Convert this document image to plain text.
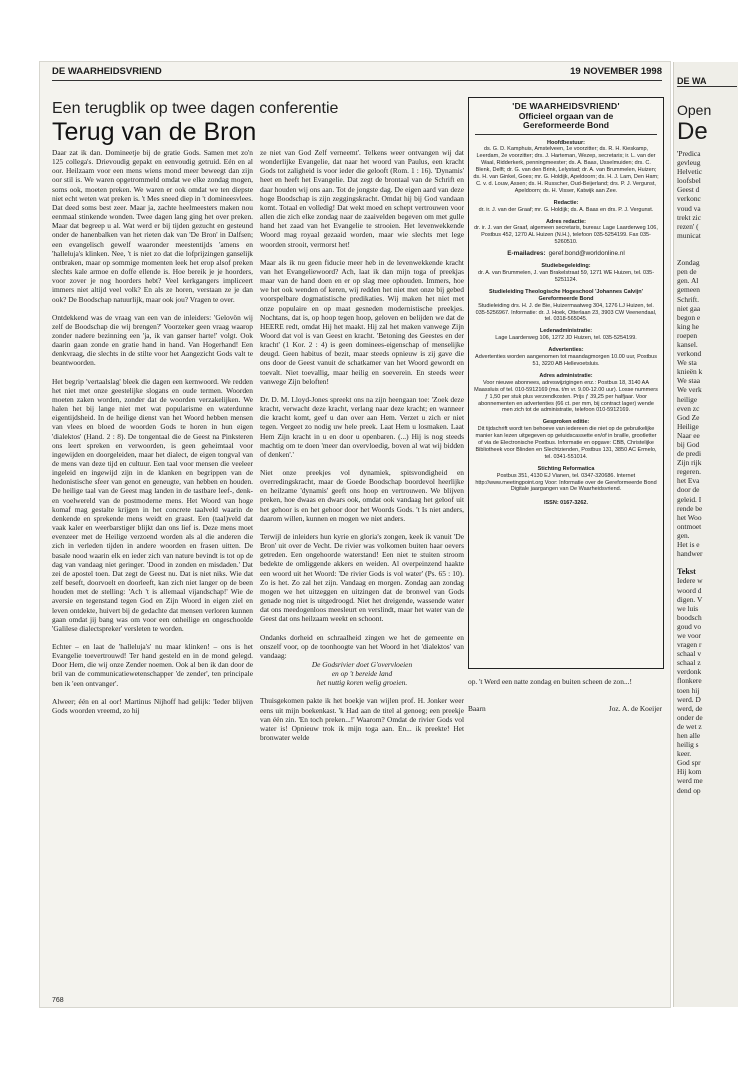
DE WAARHEIDSVRIEND	19 NOVEMBER 1998
Een terugblik op twee dagen conferentie
Terug van de Bron

Daar zat ik dan. Domineetje bij de gratie Gods. Samen met zo'n 125 collega's. Drievoudig gepakt en eenvoudig getruid. Eén en al oor. Heilzaam voor een mens wiens mond meer beweegt dan zijn oor stil is. We waren opgetrommeld omdat we elke zondag mogen, soms ook, moeten preken. We waren er ook omdat we ten diepste niet echt weten wat preken is. 't Mes sneed diep in 't domineesvlees. Dat deed soms best zeer. Maar ja, zachte heelmeesters maken nou eenmaal stinkende wonden. Twee dagen lang ging het over preken. Maar dat begreep u al. Wat werd er bij tijden gezucht en gesteund onder de hanenbalken van het rieten dak van 'De Bron' in Dalfsen; een evangelisch gewelf waaronder meestentijds 'amens en 'halleluja's klinken. Nee, 't is niet zo dat die lofprijzingen ganselijk ontbraken, maar op sommige momenten leek het erop alsof preken slechts kale armoe en doffe ellende is. Hoe bereik je je hoorders, voor zover je nog hoorders hebt? Veel kerkgangers impliceert immers niet altijd veel volk? En als ze horen, verstaan ze je dan ook? De Boodschap natuurlijk, maar ook jou? Vragen te over.

Ontdekkend was de vraag van een van de inleiders: 'Gelovön wij zelf de Boodschap die wij brengen?' Voorzeker geen vraag waarop zonder nadere bezinning een 'ja, ik van ganser harte!' volgt. Ook daarin gaan zonde en gratie hand in hand. Van Hogerhand! Een denkvraag, die slechts in de stilte voor het Aangezicht Gods valt te beantwoorden.

Het begrip 'vertaalslag' bleek die dagen een kernwoord. We redden het niet met onze geestelijke slogans en oude termen. Woorden moeten zaken worden, zonder dat de woorden verzakelijken. We halen het bij lange niet met wat popularisme en waterdunne eigentijdsheid. In de heilige dienst van het Woord hebben mensen van vlees en bloed de woorden Gods te horen in hun eigen 'dialektos' (Hand. 2 : 8). De tongentaal die de Geest na Pinksteren ons leert spreken en verwoorden, is geen geheimtaal voor ingewijden en doorgeleiden, maar het dialect, de eigen tongval van de mens van deze tijd en cultuur. Een taal voor mensen die veeleer ingeleid en ingewijd zijn in de klanken en begrippen van de hedonistische sfeer van genot en geneugte, van hebben en houden. De heilige taal van de Geest mag landen in de tastbare leef-, denk- en voelwereld van de postmoderne mens. Het Woord van hoge komaf mag gestalte krijgen in het concrete taalveld waarin de denkende en sprekende mens weidt en graast. Een (taal)veld dat vaak kaler en weerbarstiger blijkt dan ons lief is. Deze mens moet evenzeer met de Heilige verzoend worden als al die anderen die zich in verleden tijden in andere woorden en frasen uitten. De basale nood waarin elk en ieder zich van nature bevindt is tot op de dag van vandaag niet geringer. 'Dood in zonden en misdaden.' Dat zei de apostel toen. Dat zegt de Geest nu. Dat is niet niks. Wie dat zelf beseft, doorvoelt en doorleeft, kan zich niet langer op de been houden met de stelling: 'Ach 't is allemaal vijandschap!' Wie de aversie en tegenstand tegen God en Zijn Woord in eigen ziel en leven ontdekte, huivert bij de gedachte dat mensen verloren kunnen gaan omdat jij bang was om voor een onheilige en ongeschoolde 'Galilese dialectspreker' versleten te worden.

Echter – en laat de 'halleluja's' nu maar klinken! – ons is het Evangelie toevertrouwd! Ter hand gesteld en in de mond gelegd. Door Hem, die wij onze Zender noemen. Ook al ben ik dan door de bril van de communicatiewetenschapper 'de zender', ten principale ben ik 'een ontvanger'.

Alweer; één en al oor! Martinus Nijhoff had gelijk: 'Ieder blijven Gods woorden vreemd, zo hij

ze niet van God Zelf verneemt'. Telkens weer ontvangen wij dat wonderlijke Evangelie, dat naar het woord van Paulus, een kracht Gods tot zaligheid is voor ieder die gelooft (Rom. 1 : 16). 'Dynamis' heet en heeft het Evangelie. Dat zegt de brontaal van de Schrift en daar houden wij ons aan. Tot de jongste dag. De eigen aard van deze hoge Boodschap is zijn zeggingskracht. Omdat hij bij God vandaan komt. Totaal en volledig! Dat wekt moed en schept vertrouwen voor allen die zich elke zondag naar de zaaivelden begeven om met gulle hand het zaad van het Evangelie te strooien. Het levenwekkende Woord mag royaal gezaaid worden, maar wie slechts met lege woorden strooit, vermorst het!

Maar als ik nu geen fiducie meer heb in de levenwekkende kracht van het Evangeliewoord? Ach, laat ik dan mijn toga of preekjas maar van de hand doen en er op slag mee ophouden. Immers, hoe we het ook wenden of keren, wij redden het niet met onze bij gebed voorspelbare dogmatistische predikaties. Wij maken het niet met onze populaire en op maat gesneden modernistische preekjes. Nochtans, dat is, op hoop tegen hoop, geloven en belijden we dat de HEERE redt, omdat Hij het maakt. Hij zal het maken vanwege Zijn Woord dat vol is van Geest en kracht. 'Betoning des Geestes en der kracht' (1 Kor. 2 : 4) is geen dominees-eigenschap of menselijke deugd. Geen habitus of bezit, maar steeds opnieuw is zij gave die ons door de Geest vanuit de schatkamer van het Woord gewordt en toevalt. Niet toevallig, maar heilig en soeverein. En steeds weer vanwege Zijn beloften!

Dr. D. M. Lloyd-Jones spreekt ons na zijn heengaan toe: 'Zoek deze kracht, verwacht deze kracht, verlang naar deze kracht; en wanneer die kracht komt, geef u dan over aan Hem. Verzet u zich er niet tegen. Vergeet zo nodig uw hele preek. Laat Hem u losmaken. Laat Hem Zijn kracht in u en door u openbaren. (...) Hij is nog steeds machtig om te doen 'meer dan overvloedig, boven al wat wij bidden of denken'.'

Niet onze preekjes vol dynamiek, spitsvondigheid en overredingskracht, maar de Goede Boodschap boordevol heerlijke en heilzame 'dynamis' geeft ons hoop en vertrouwen. We blijven preken, hoe dwaas en dwars ook, omdat ook vandaag het geloof uit het gehoor is en het gehoor door het Woords Gods. 't Is niet anders, daarom willen, kunnen en mogen we niet anders.

Terwijl de inleiders hun kyrie en gloria's zongen, keek ik vanuit 'De Bron' uit over de Vecht. De rivier was volkomen buiten haar oevers getreden. Een ongehoorde waterstand! Een niet te stuiten stroom bedekte de omliggende akkers en weiden. Al overpeinzend haakte een woord uit het Woord: 'De rivier Gods is vol water' (Ps. 65 : 10). Zo is het. Zo zal het zijn. Vandaag en morgen. Zondag aan zondag mogen we het uitzeggen en uitzingen dat de bronwel van Gods genade nog niet is uitgedroogd. Niet het dreigende, wassende water dat ons meedogenloos meesleurt en verslindt, maar het water van de Geest dat ons heilzaam weekt en schoont.

Ondanks dorheid en schraalheid zingen we het de gemeente en onszelf voor, op de toonhoogte van het Woord in het 'dialektos' van vandaag:

De Godsrivier doet G'overvloeien

en op 't bereide land

het nuttig koren welig groeien.

Thuisgekomen pakte ik het boekje van wijlen prof. H. Jonker weer eens uit mijn boekenkast. 'k Had aan de titel al genoeg; een preekje van één zin. 'En toch preken...!' Waarom? Omdat de rivier Gods vol water is! Opnieuw trok ik mijn toga aan. En... ik preekte! Het bronwater welde

'DE WAARHEIDSVRIEND'
Officieel orgaan van de
Gereformeerde Bond
Hoofdbestuur:
ds. G. D. Kamphuis, Amstelveen, 1e voorzitter; ds. R. H. Kieskamp, Leerdam, 2e voorzitter; drs. J. Harteman, Wezep, secretaris; ir. L. van der Waal, Ridderkerk, penningmeester; ds. A. Baas, IJsselmuiden; drs. C. Blenk, Delft; dr. G. van den Brink, Lelystad; dr. A. van Brummelen, Huizen; ds. H. van Ginkel, Goes; mr. G. Holdijk, Apeldoorn; ds. H. J. Lam, Den Ham; C. v. d. Louw, Assen; ds. H. Russcher, Oud-Beijerland; drs. P. J. Vergunst, Apeldoorn; ds. H. Visser, Katwijk aan Zee.
Redactie:
dr. ir. J. van der Graaf; mr. G. Holdijk; ds. A. Baas en drs. P. J. Vergunst.
Adres redactie:
dr. ir. J. van der Graaf, algemeen secretaris, bureau: Lage Laarderweg 106, Postbus 452, 1270 AL Huizen (N.H.), telefoon 035-5254199. Fax 035-5260510.
E-mailadres: geref.bond@worldonline.nl
Studiebegeleiding:
dr. A. van Brummelen, J. van Brakelstraat 59, 1271 WE Huizen, tel. 035-5251124.
Studieleiding Theologische Hogeschool 'Johannes Calvijn' Gereformeerde Bond
Studieleiding drs. H. J. de Bie, Huizermaatweg 304, 1276 LJ Huizen, tel. 035-5256967. Informatie: dr. J. Hoek, Otterlaan 23, 3903 CW Veenendaal, tel. 0318-565045.
Ledenadministratie:
Lage Laarderweg 106, 1272 JD Huizen, tel. 035-5254199.
Advertenties:
Advertenties worden aangenomen tot maandagmorgen 10.00 uur, Postbus 51, 3220 AB Hellevoetsluis.
Adres administratie:
Voor nieuwe abonnees, adreswijzigingen enz.: Postbus 18, 3140 AA Maassluis of tel. 010-5912169 (ma. t/m vr. 9.00-12.00 uur). Losse nummers ƒ 1,50 per stuk plus verzendkosten. Prijs ƒ 39,25 per halfjaar. Voor abonnementen en advertenties (66 ct. per mm, bij contract lager) wende men zich tot de administratie, telefoon 010-5912169.
Gesproken editie:
Dit tijdschrift wordt ten behoeve van iedereen die niet op de gebruikelijke manier kan lezen uitgegeven op geluidscassette en/of in braille, grootletter of via de Electronische Postbus. Informatie en opgave: CBB, Christelijke Bibliotheek voor Blinden en Slechtzienden, Postbus 131, 3850 AC Ermelo, tel. 0341-551014.
Stichting Reformatica
Postbus 351, 4130 EJ Vianen, tel. 0347-320686. Internet http://www.meetingpoint.org Voor: Informatie over de Gereformeerde Bond Digitale jaargangen van De Waarheidsvriend.
ISSN: 0167-3262.
op. 't Werd een natte zondag en buiten scheen de zon...!
Baarn	Joz. A. de Koeijer
768
DE WA
Open
De
'Predica
gevleug
Helvetic
loofsbel
Geest d
verkonc
voud va
trekt zic
rezen' (
municat

Zondag
pen de
gen. Al
gemeen
Schrift.
niet gaa
begon e
king he
roepen
kansel.
verkond
We sta
knieën k
We staa
We verk
heilige
even zc
God Ze
Heilige
Naar ee
bij God
de predi
Zijn rijk
regeren.
het Eva
door de
geleid. I
rende be
het Woo
ontmoet
gen.
Het is e
handwer

Tekst
Iedere w
woord d
digen. V
we luis
boodsch
goud vo
we voor
vragen r
schaal v
schaal z
verdonk
flonkere
toen hij
werd. D
werd, de
onder de
de wet z
hen alle
heilig s
keer.
God spr
Hij kom
werd me
dend op
